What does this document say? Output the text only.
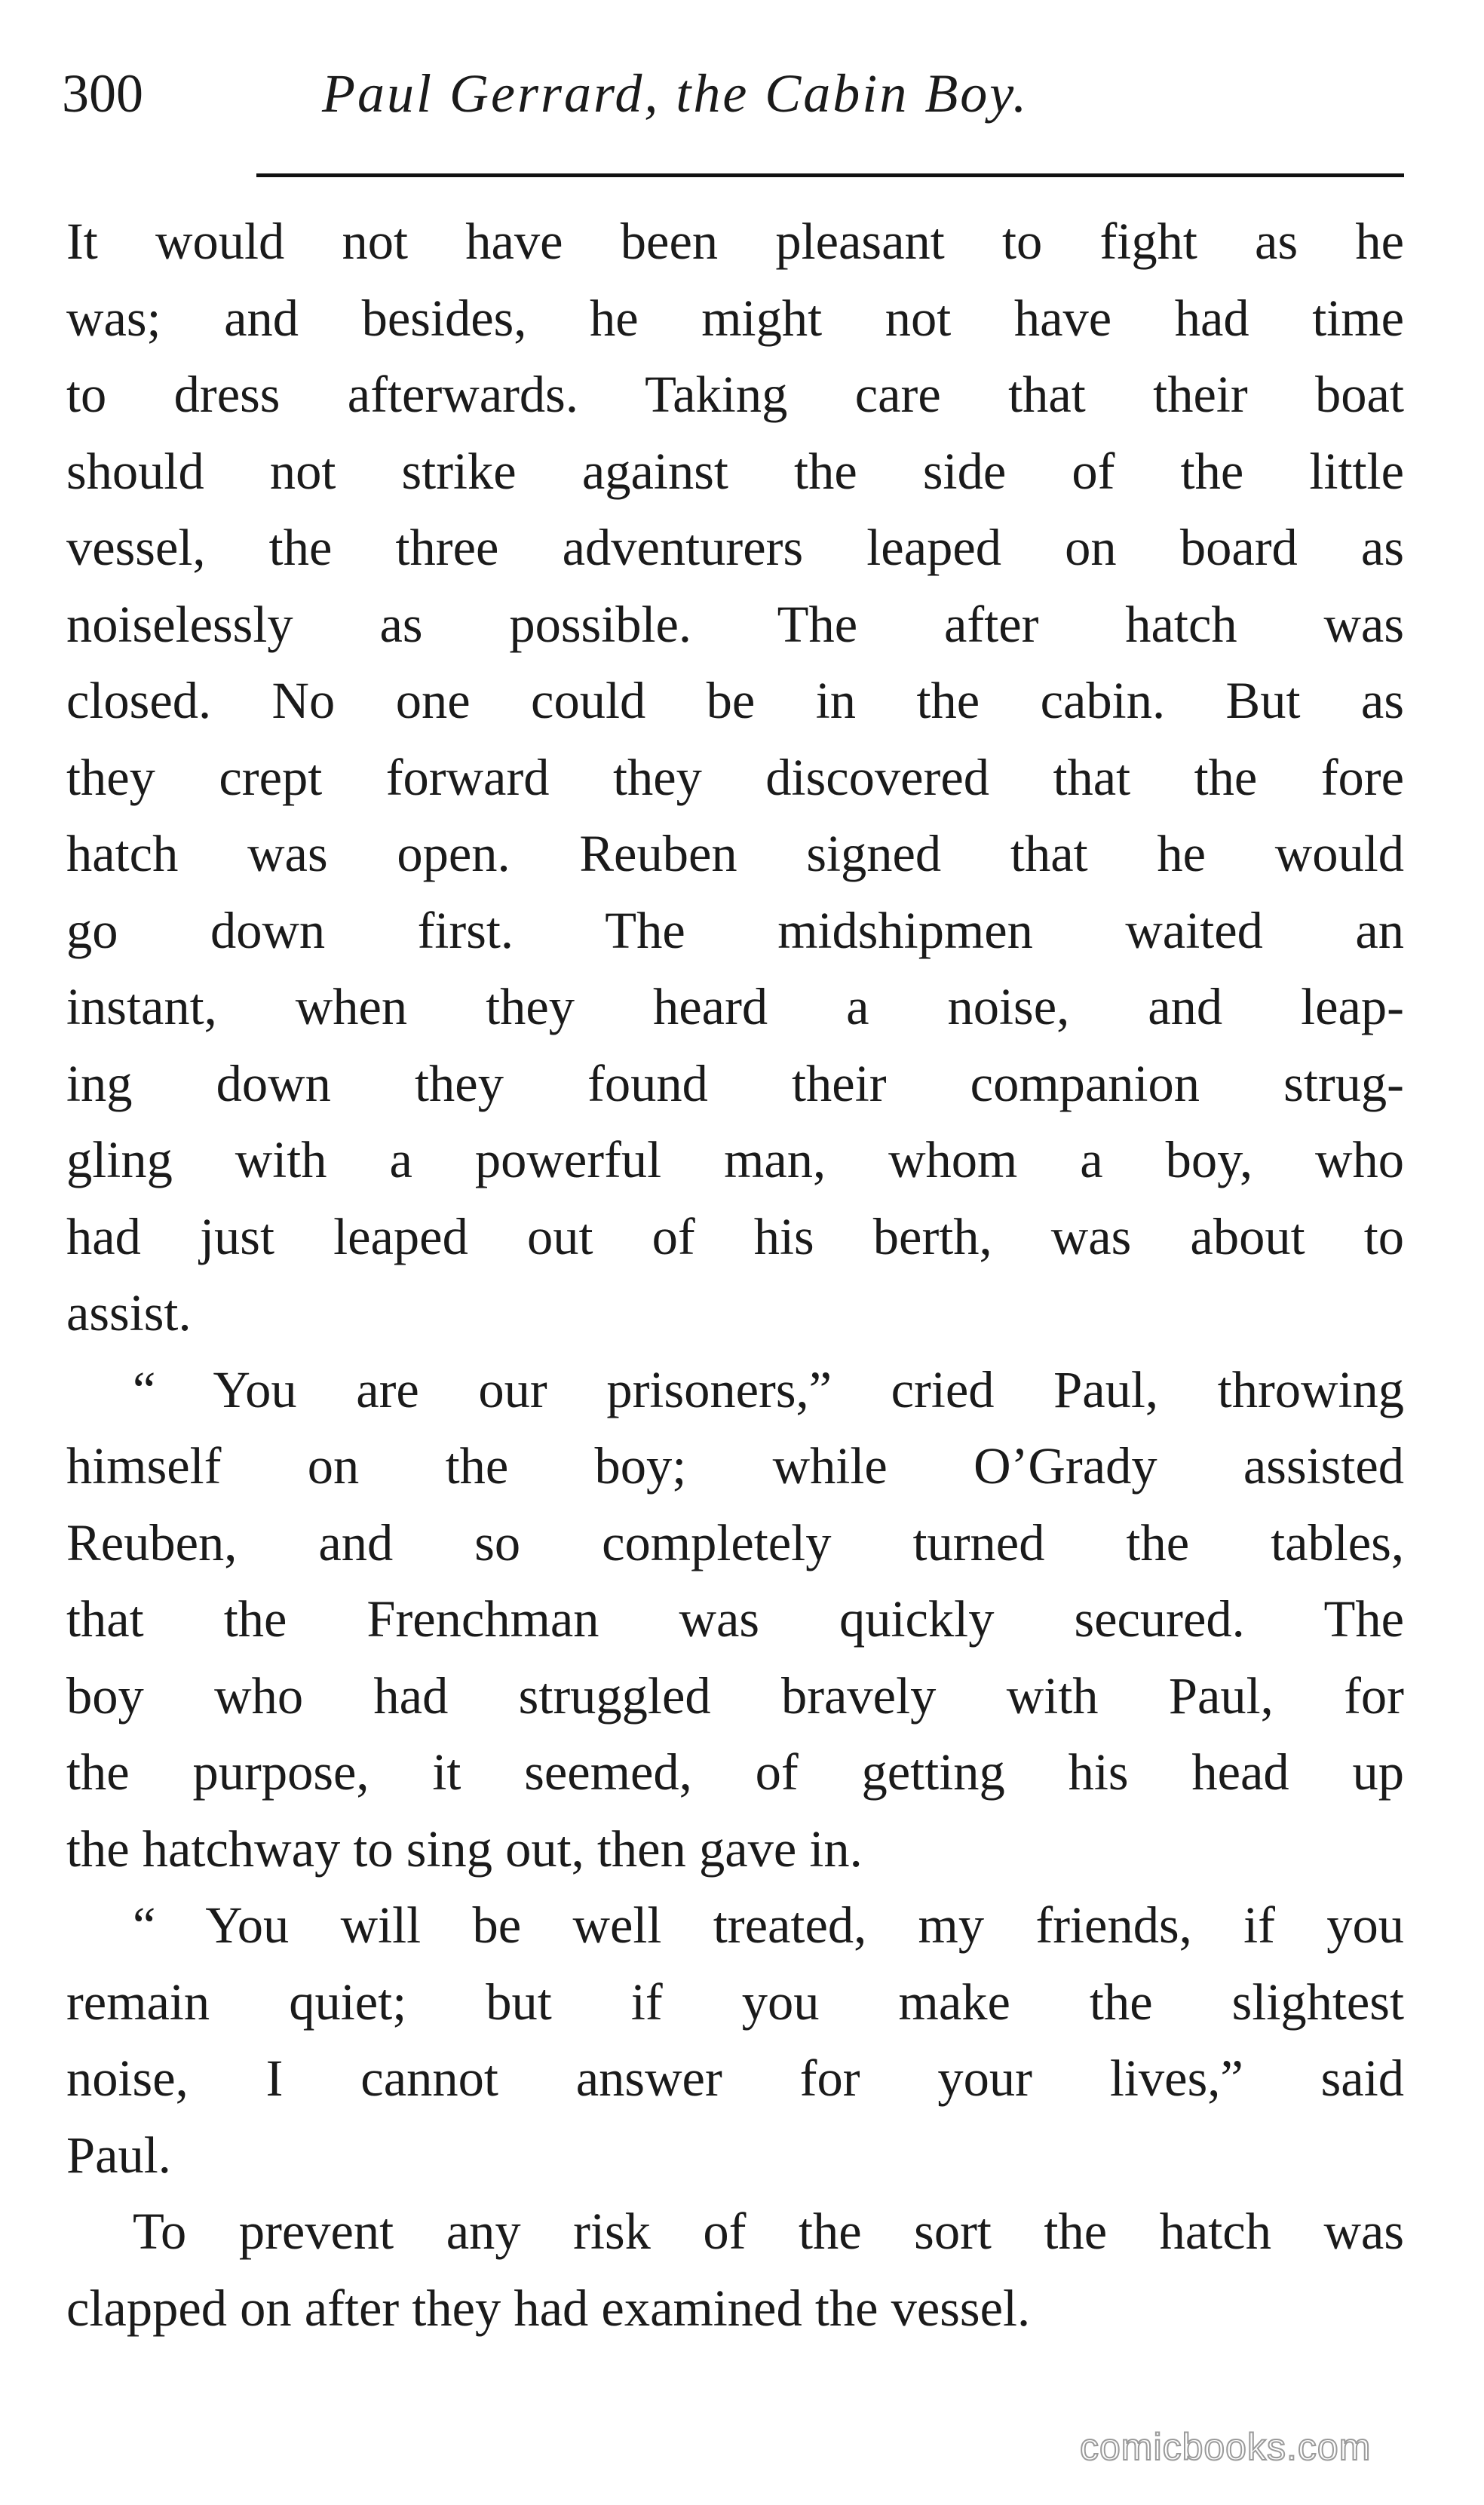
300	Paul Gerrard, the Cabin Boy.
It would not have been pleasant to fight as he
was; and besides, he might not have had time
to dress afterwards. Taking care that their boat
should not strike against the side of the little
vessel, the three adventurers leaped on board as
noiselessly as possible. The after hatch was
closed. No one could be in the cabin. But as
they crept forward they discovered that the fore
hatch was open. Reuben signed that he would
go down first. The midshipmen waited an
instant, when they heard a noise, and leap-
ing down they found their companion strug-
gling with a powerful man, whom a boy, who
had just leaped out of his berth, was about to
assist.
“ You are our prisoners,” cried Paul, throwing
himself on the boy; while O’Grady assisted
Reuben, and so completely turned the tables,
that the Frenchman was quickly secured. The
boy who had struggled bravely with Paul, for
the purpose, it seemed, of getting his head up
the hatchway to sing out, then gave in.
“ You will be well treated, my friends, if you
remain quiet; but if you make the slightest
noise, I cannot answer for your lives,” said
Paul.
To prevent any risk of the sort the hatch was
clapped on after they had examined the vessel.
comicbooks.com
